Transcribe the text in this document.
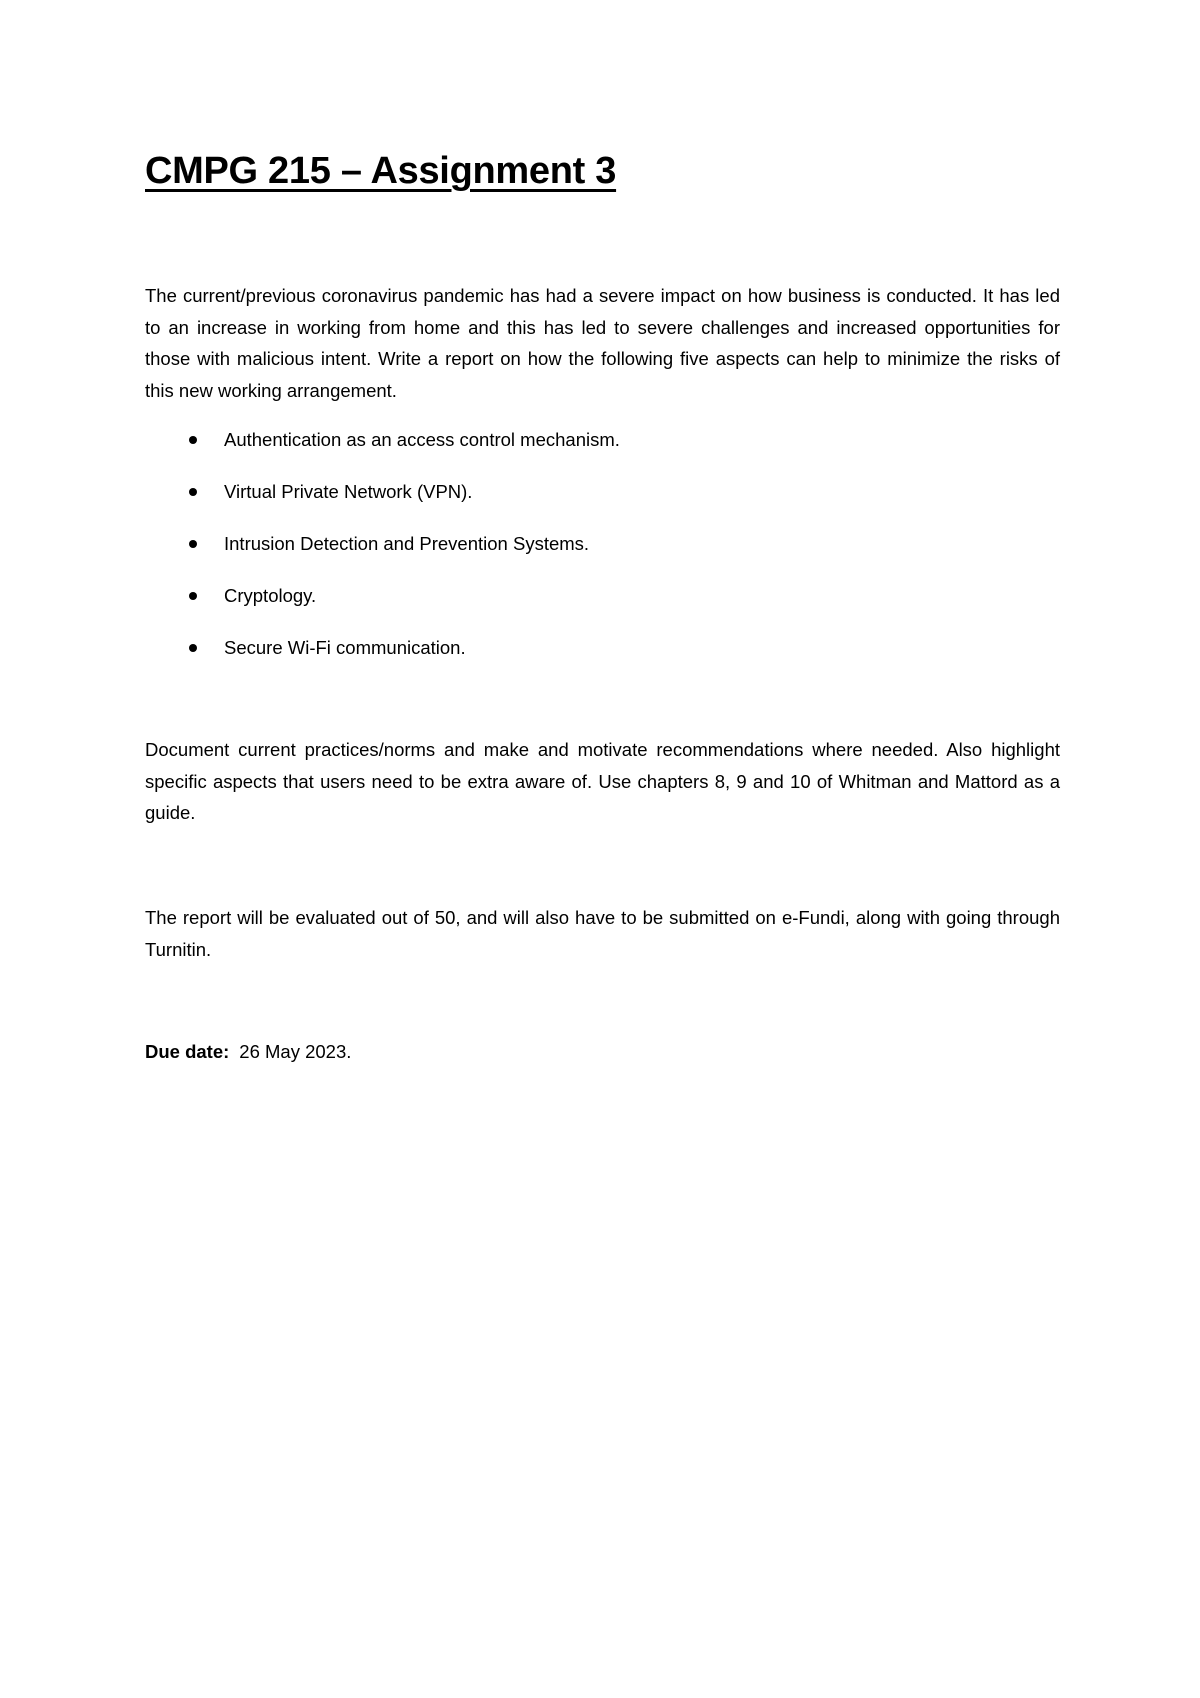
CMPG 215 – Assignment 3

The current/previous coronavirus pandemic has had a severe impact on how business is conducted. It has led to an increase in working from home and this has led to severe challenges and increased opportunities for those with malicious intent. Write a report on how the following five aspects can help to minimize the risks of this new working arrangement.

Authentication as an access control mechanism.
Virtual Private Network (VPN).
Intrusion Detection and Prevention Systems.
Cryptology.
Secure Wi-Fi communication.

Document current practices/norms and make and motivate recommendations where needed. Also highlight specific aspects that users need to be extra aware of. Use chapters 8, 9 and 10 of Whitman and Mattord as a guide.

The report will be evaluated out of 50, and will also have to be submitted on e-Fundi, along with going through Turnitin.

Due date: 26 May 2023.
